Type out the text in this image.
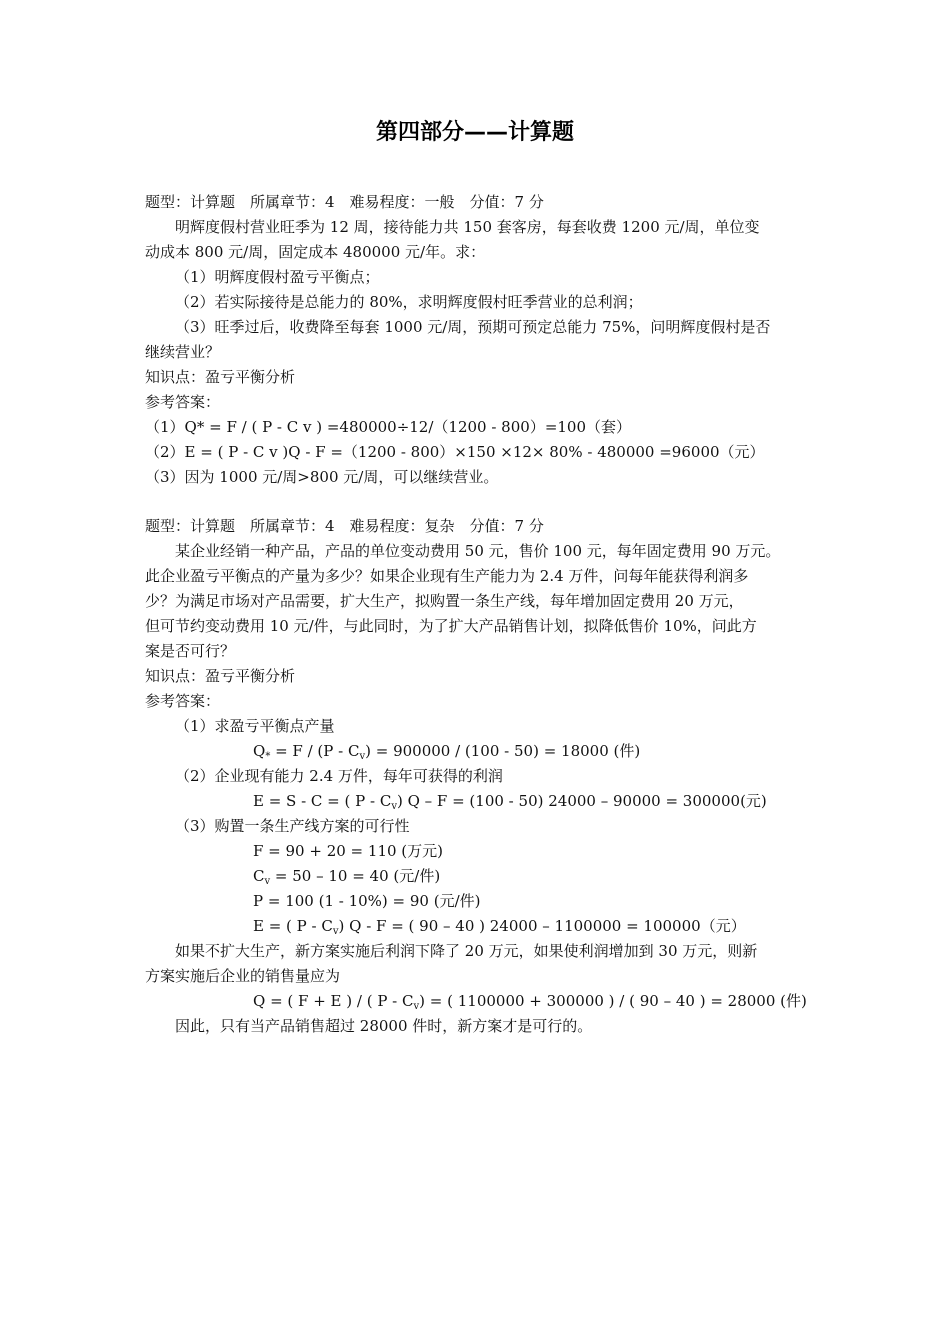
第四部分——计算题
题型：计算题　所属章节：4　难易程度：一般　分值：7 分
明辉度假村营业旺季为 12 周，接待能力共 150 套客房，每套收费 1200 元/周，单位变
动成本 800 元/周，固定成本 480000 元/年。求：
（1）明辉度假村盈亏平衡点；
（2）若实际接待是总能力的 80%，求明辉度假村旺季营业的总利润；
（3）旺季过后，收费降至每套 1000 元/周，预期可预定总能力 75%，问明辉度假村是否
继续营业？
知识点：盈亏平衡分析
参考答案：
（1）Q* = F / ( P - C v ) =480000÷12/（1200 - 800）=100（套）
（2）E = ( P - C v )Q - F =（1200 - 800）×150 ×12× 80% - 480000 =96000（元）
（3）因为 1000 元/周>800 元/周，可以继续营业。
题型：计算题　所属章节：4　难易程度：复杂　分值：7 分
某企业经销一种产品，产品的单位变动费用 50 元，售价 100 元，每年固定费用 90 万元。
此企业盈亏平衡点的产量为多少？如果企业现有生产能力为 2.4 万件，问每年能获得利润多
少？为满足市场对产品需要，扩大生产，拟购置一条生产线，每年增加固定费用 20 万元，
但可节约变动费用 10 元/件，与此同时，为了扩大产品销售计划，拟降低售价 10%，问此方
案是否可行？
知识点：盈亏平衡分析
参考答案：
（1）求盈亏平衡点产量
$Q_* = F / (P - C_v) = 900000 / (100 - 50) = 18000$ (件)
（2）企业现有能力 2.4 万件，每年可获得的利润
E = S - C = ( P - $C_v$) Q – F = (100 - 50) 24000 – 90000 = 300000(元)
（3）购置一条生产线方案的可行性
F = 90 + 20 = 110 (万元)
$C_v = 50 - 10 = 40$ (元/件)
P = 100 (1 - 10%) = 90 (元/件)
E = ( P - $C_v$) Q - F = ( 90 – 40 ) 24000 – 1100000 = 100000（元）
如果不扩大生产，新方案实施后利润下降了 20 万元，如果使利润增加到 30 万元，则新
方案实施后企业的销售量应为
Q = ( F + E ) / ( P - $C_v$) = ( 1100000 + 300000 ) / ( 90 – 40 ) = 28000 (件)
因此，只有当产品销售超过 28000 件时，新方案才是可行的。
